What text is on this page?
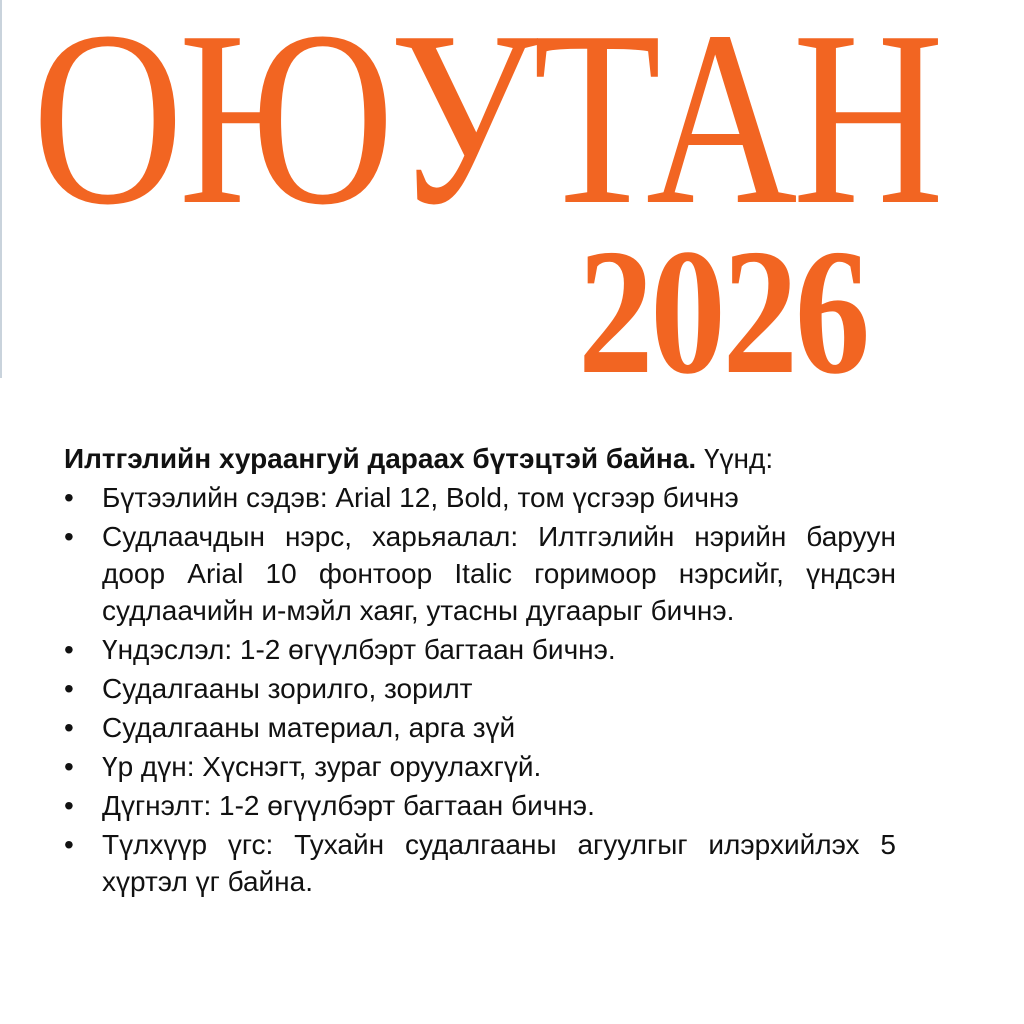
ОЮУТАН
2026

Илтгэлийн хураангуй дараах бүтэцтэй байна. Үүнд:

• Бүтээлийн сэдэв: Arial 12, Bold, том үсгээр бичнэ
• Судлаачдын нэрс, харьяалал: Илтгэлийн нэрийн баруун доор Arial 10 фонтоор Italic горимоор нэрсийг, үндсэн судлаачийн и-мэйл хаяг, утасны дугаарыг бичнэ.
• Үндэслэл: 1-2 өгүүлбэрт багтаан бичнэ.
• Судалгааны зорилго, зорилт
• Судалгааны материал, арга зүй
• Үр дүн: Хүснэгт, зураг оруулахгүй.
• Дүгнэлт: 1-2 өгүүлбэрт багтаан бичнэ.
• Түлхүүр үгс: Тухайн судалгааны агуулгыг илэрхийлэх 5 хүртэл үг байна.
